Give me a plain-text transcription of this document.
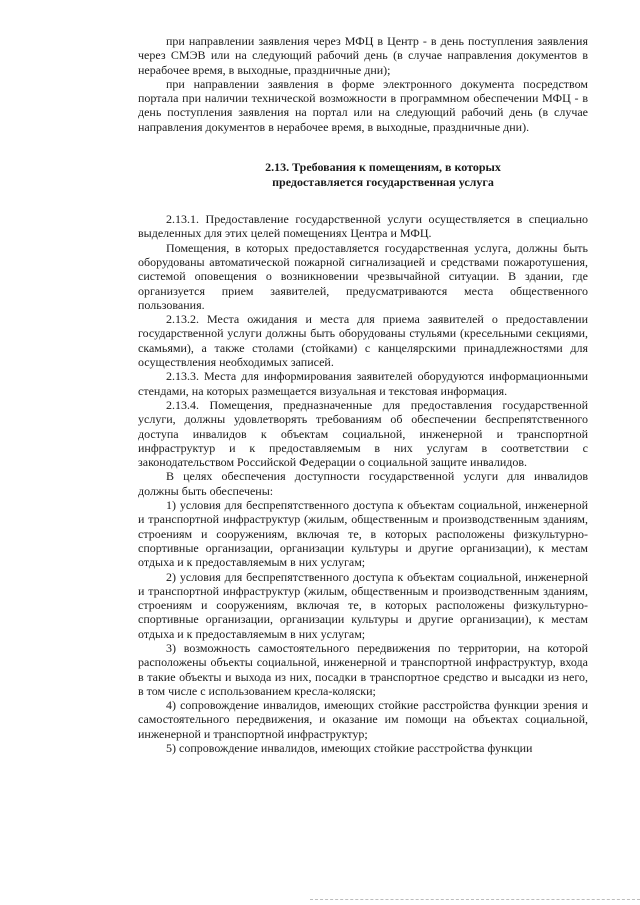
при направлении заявления через МФЦ в Центр - в день поступления заявления через СМЭВ или на следующий рабочий день (в случае направления документов в нерабочее время, в выходные, праздничные дни);

при направлении заявления в форме электронного документа посредством портала при наличии технической возможности в программном обеспечении МФЦ - в день поступления заявления на портал или на следующий рабочий день (в случае направления документов в нерабочее время, в выходные, праздничные дни).

2.13. Требования к помещениям, в которых
предоставляется государственная услуга

2.13.1. Предоставление государственной услуги осуществляется в специально выделенных для этих целей помещениях Центра и МФЦ.

Помещения, в которых предоставляется государственная услуга, должны быть оборудованы автоматической пожарной сигнализацией и средствами пожаротушения, системой оповещения о возникновении чрезвычайной ситуации. В здании, где организуется прием заявителей, предусматриваются места общественного пользования.

2.13.2. Места ожидания и места для приема заявителей о предоставлении государственной услуги должны быть оборудованы стульями (кресельными секциями, скамьями), а также столами (стойками) с канцелярскими принадлежностями для осуществления необходимых записей.

2.13.3. Места для информирования заявителей оборудуются информационными стендами, на которых размещается визуальная и текстовая информация.

2.13.4. Помещения, предназначенные для предоставления государственной услуги, должны удовлетворять требованиям об обеспечении беспрепятственного доступа инвалидов к объектам социальной, инженерной и транспортной инфраструктур и к предоставляемым в них услугам в соответствии с законодательством Российской Федерации о социальной защите инвалидов.

В целях обеспечения доступности государственной услуги для инвалидов должны быть обеспечены:

1) условия для беспрепятственного доступа к объектам социальной, инженерной и транспортной инфраструктур (жилым, общественным и производственным зданиям, строениям и сооружениям, включая те, в которых расположены физкультурно-спортивные организации, организации культуры и другие организации), к местам отдыха и к предоставляемым в них услугам;

2) условия для беспрепятственного доступа к объектам социальной, инженерной и транспортной инфраструктур (жилым, общественным и производственным зданиям, строениям и сооружениям, включая те, в которых расположены физкультурно-спортивные организации, организации культуры и другие организации), к местам отдыха и к предоставляемым в них услугам;

3) возможность самостоятельного передвижения по территории, на которой расположены объекты социальной, инженерной и транспортной инфраструктур, входа в такие объекты и выхода из них, посадки в транспортное средство и высадки из него, в том числе с использованием кресла-коляски;

4) сопровождение инвалидов, имеющих стойкие расстройства функции зрения и самостоятельного передвижения, и оказание им помощи на объектах социальной, инженерной и транспортной инфраструктур;

5) сопровождение инвалидов, имеющих стойкие расстройства функции
